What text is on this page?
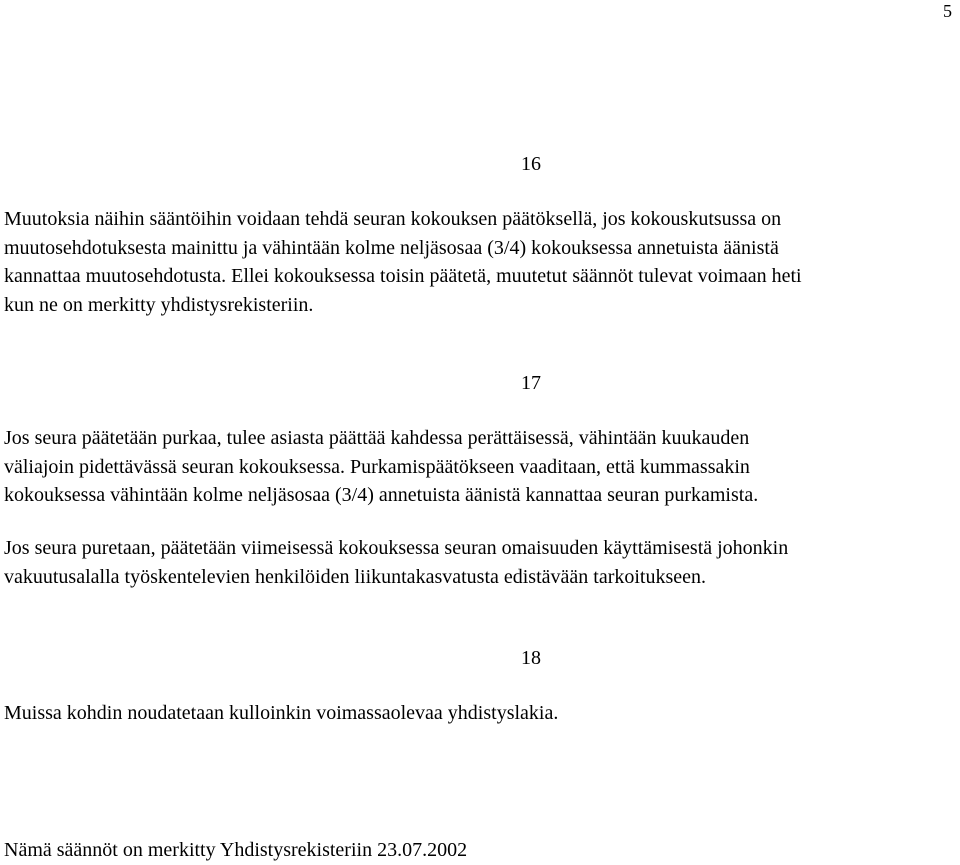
5
16

Muutoksia näihin sääntöihin voidaan tehdä seuran kokouksen päätöksellä, jos kokouskutsussa on
muutosehdotuksesta mainittu ja vähintään kolme neljäsosaa (3/4) kokouksessa annetuista äänistä
kannattaa muutosehdotusta. Ellei kokouksessa toisin päätetä, muutetut säännöt tulevat voimaan heti
kun ne on merkitty yhdistysrekisteriin.

17

Jos seura päätetään purkaa, tulee asiasta päättää kahdessa perättäisessä, vähintään kuukauden
väliajoin pidettävässä seuran kokouksessa. Purkamispäätökseen vaaditaan, että kummassakin
kokouksessa vähintään kolme neljäsosaa (3/4) annetuista äänistä kannattaa seuran purkamista.

Jos seura puretaan, päätetään viimeisessä kokouksessa seuran omaisuuden käyttämisestä johonkin
vakuutusalalla työskentelevien henkilöiden liikuntakasvatusta edistävään tarkoitukseen.

18

Muissa kohdin noudatetaan kulloinkin voimassaolevaa yhdistyslakia.

Nämä säännöt on merkitty Yhdistysrekisteriin 23.07.2002
